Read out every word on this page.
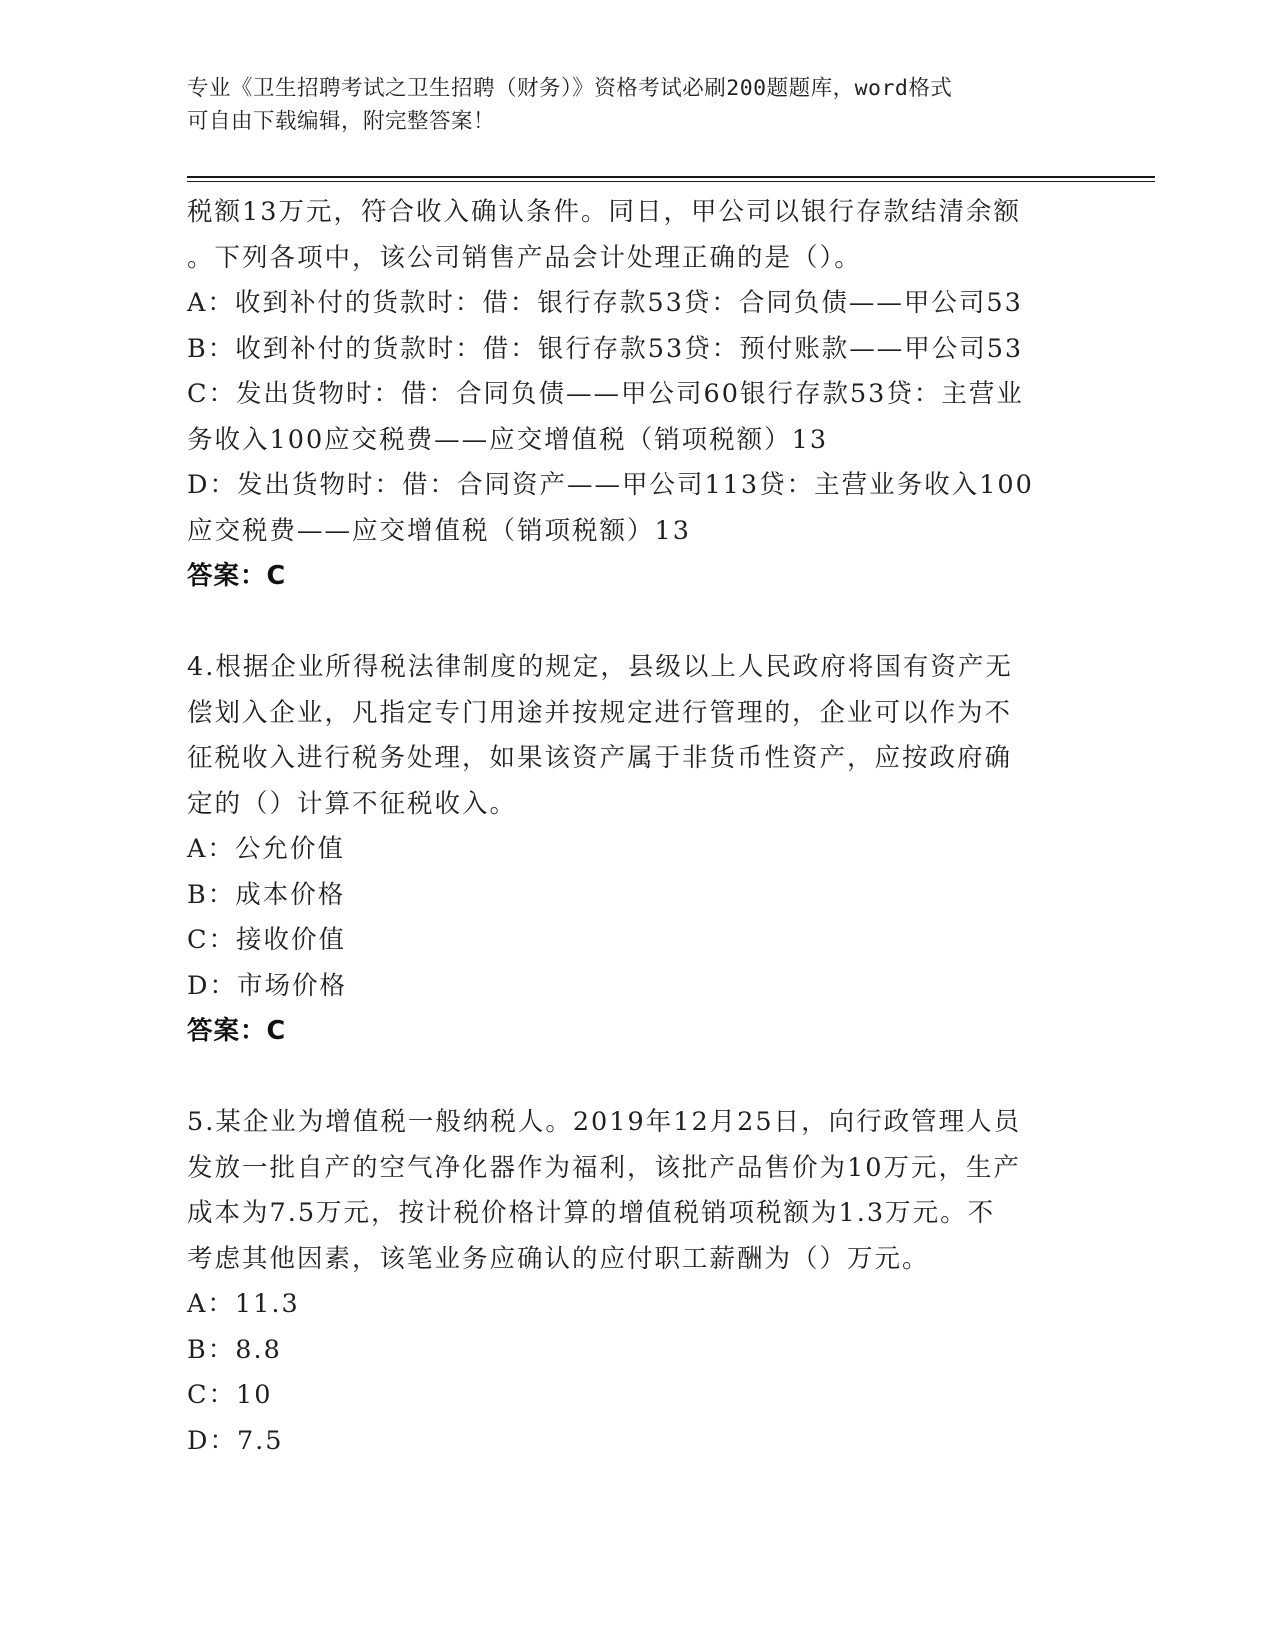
专业《卫生招聘考试之卫生招聘（财务）》资格考试必刷200题题库，word格式
可自由下载编辑，附完整答案！
税额13万元，符合收入确认条件。同日，甲公司以银行存款结清余额
。下列各项中，该公司销售产品会计处理正确的是（）。
A：收到补付的货款时：借：银行存款53贷：合同负债——甲公司53
B：收到补付的货款时：借：银行存款53贷：预付账款——甲公司53
C：发出货物时：借：合同负债——甲公司60银行存款53贷：主营业
务收入100应交税费——应交增值税（销项税额）13
D：发出货物时：借：合同资产——甲公司113贷：主营业务收入100
应交税费——应交增值税（销项税额）13
答案：C
4.根据企业所得税法律制度的规定，县级以上人民政府将国有资产无
偿划入企业，凡指定专门用途并按规定进行管理的，企业可以作为不
征税收入进行税务处理，如果该资产属于非货币性资产，应按政府确
定的（）计算不征税收入。
A：公允价值
B：成本价格
C：接收价值
D：市场价格
答案：C
5.某企业为增值税一般纳税人。2019年12月25日，向行政管理人员
发放一批自产的空气净化器作为福利，该批产品售价为10万元，生产
成本为7.5万元，按计税价格计算的增值税销项税额为1.3万元。不
考虑其他因素，该笔业务应确认的应付职工薪酬为（）万元。
A：11.3
B：8.8
C：10
D：7.5
